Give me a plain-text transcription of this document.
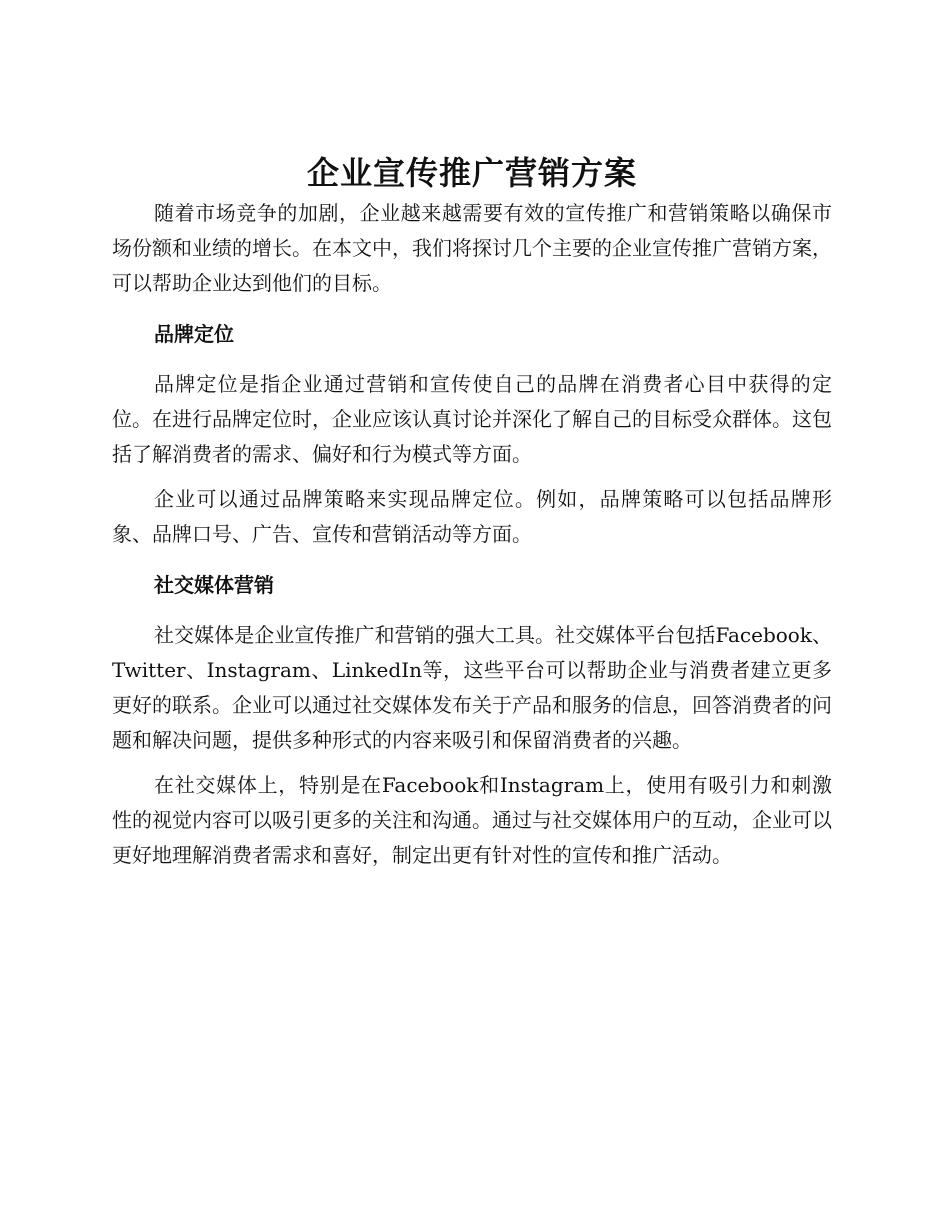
企业宣传推广营销方案

随着市场竞争的加剧，企业越来越需要有效的宣传推广和营销策略以确保市场份额和业绩的增长。在本文中，我们将探讨几个主要的企业宣传推广营销方案，可以帮助企业达到他们的目标。

品牌定位

品牌定位是指企业通过营销和宣传使自己的品牌在消费者心目中获得的定位。在进行品牌定位时，企业应该认真讨论并深化了解自己的目标受众群体。这包括了解消费者的需求、偏好和行为模式等方面。

企业可以通过品牌策略来实现品牌定位。例如，品牌策略可以包括品牌形象、品牌口号、广告、宣传和营销活动等方面。

社交媒体营销

社交媒体是企业宣传推广和营销的强大工具。社交媒体平台包括Facebook、Twitter、Instagram、LinkedIn等，这些平台可以帮助企业与消费者建立更多更好的联系。企业可以通过社交媒体发布关于产品和服务的信息，回答消费者的问题和解决问题，提供多种形式的内容来吸引和保留消费者的兴趣。

在社交媒体上，特别是在Facebook和Instagram上，使用有吸引力和刺激性的视觉内容可以吸引更多的关注和沟通。通过与社交媒体用户的互动，企业可以更好地理解消费者需求和喜好，制定出更有针对性的宣传和推广活动。
